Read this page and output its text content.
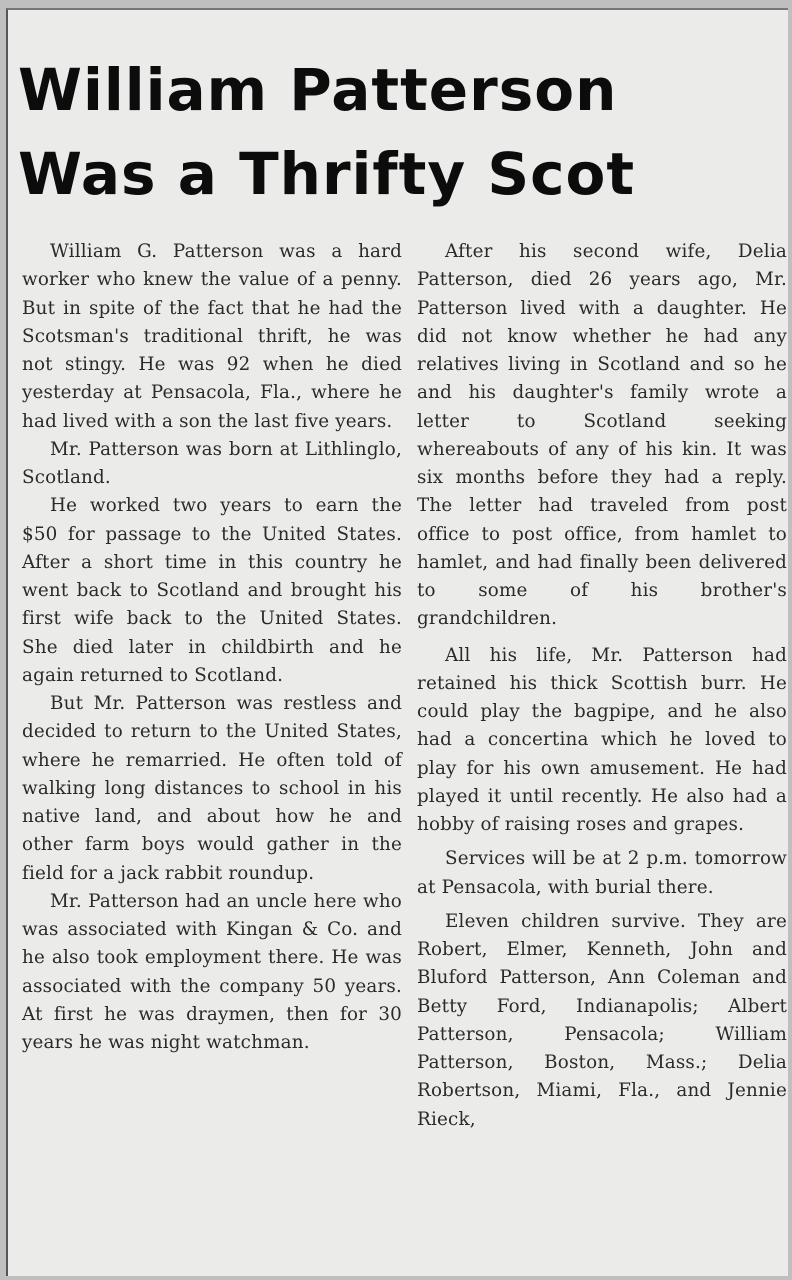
William Patterson
Was a Thrifty Scot

William G. Patterson was a hard worker who knew the value of a penny. But in spite of the fact that he had the Scotsman's traditional thrift, he was not stingy. He was 92 when he died yesterday at Pensacola, Fla., where he had lived with a son the last five years.

Mr. Patterson was born at Lithlinglo, Scotland.

He worked two years to earn the $50 for passage to the United States. After a short time in this country he went back to Scotland and brought his first wife back to the United States. She died later in childbirth and he again returned to Scotland.

But Mr. Patterson was restless and decided to return to the United States, where he remarried. He often told of walking long distances to school in his native land, and about how he and other farm boys would gather in the field for a jack rabbit roundup.

Mr. Patterson had an uncle here who was associated with Kingan & Co. and he also took employment there. He was associated with the company 50 years. At first he was draymen, then for 30 years he was night watchman.

After his second wife, Delia Patterson, died 26 years ago, Mr. Patterson lived with a daughter. He did not know whether he had any relatives living in Scotland and so he and his daughter's family wrote a letter to Scotland seeking whereabouts of any of his kin. It was six months before they had a reply. The letter had traveled from post office to post office, from hamlet to hamlet, and had finally been delivered to some of his brother's grandchildren.

All his life, Mr. Patterson had retained his thick Scottish burr. He could play the bagpipe, and he also had a concertina which he loved to play for his own amusement. He had played it until recently. He also had a hobby of raising roses and grapes.

Services will be at 2 p.m. tomorrow at Pensacola, with burial there.

Eleven children survive. They are Robert, Elmer, Kenneth, John and Bluford Patterson, Ann Coleman and Betty Ford, Indianapolis; Albert Patterson, Pensacola; William Patterson, Boston, Mass.; Delia Robertson, Miami, Fla., and Jennie Rieck,
